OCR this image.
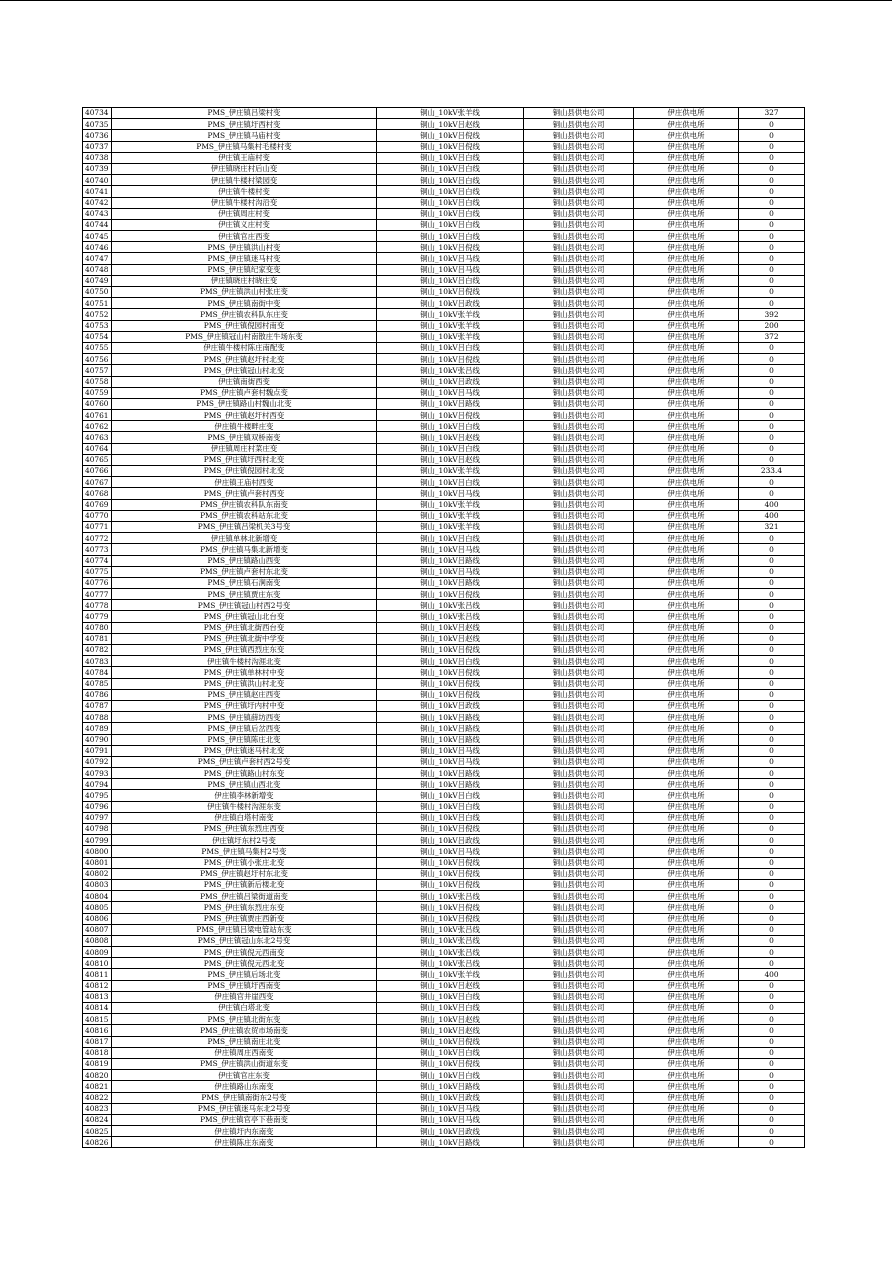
40734	PMS_伊庄镇吕梁村变	铜山_10kV张羊线	铜山县供电公司	伊庄供电所	327
40735	PMS_伊庄镇圩西村变	铜山_10kV吕赵线	铜山县供电公司	伊庄供电所	0
40736	PMS_伊庄镇马庙村变	铜山_10kV吕倪线	铜山县供电公司	伊庄供电所	0
40737	PMS_伊庄镇马集村毛楼村变	铜山_10kV吕倪线	铜山县供电公司	伊庄供电所	0
40738	伊庄镇王庙村变	铜山_10kV吕白线	铜山县供电公司	伊庄供电所	0
40739	伊庄镇晓庄村后山变	铜山_10kV吕白线	铜山县供电公司	伊庄供电所	0
40740	伊庄镇牛楼村梁园变	铜山_10kV吕白线	铜山县供电公司	伊庄供电所	0
40741	伊庄镇牛楼村变	铜山_10kV吕白线	铜山县供电公司	伊庄供电所	0
40742	伊庄镇牛楼村沟沿变	铜山_10kV吕白线	铜山县供电公司	伊庄供电所	0
40743	伊庄镇周庄村变	铜山_10kV吕白线	铜山县供电公司	伊庄供电所	0
40744	伊庄镇义庄村变	铜山_10kV吕白线	铜山县供电公司	伊庄供电所	0
40745	伊庄镇官庄西变	铜山_10kV吕白线	铜山县供电公司	伊庄供电所	0
40746	PMS_伊庄镇洪山村变	铜山_10kV吕倪线	铜山县供电公司	伊庄供电所	0
40747	PMS_伊庄镇迷马村变	铜山_10kV吕马线	铜山县供电公司	伊庄供电所	0
40748	PMS_伊庄镇纪家变变	铜山_10kV吕马线	铜山县供电公司	伊庄供电所	0
40749	伊庄镇晓庄村晓庄变	铜山_10kV吕白线	铜山县供电公司	伊庄供电所	0
40750	PMS_伊庄镇洪山村张庄变	铜山_10kV吕倪线	铜山县供电公司	伊庄供电所	0
40751	PMS_伊庄镇南街中变	铜山_10kV吕政线	铜山县供电公司	伊庄供电所	0
40752	PMS_伊庄镇农科队东庄变	铜山_10kV张羊线	铜山县供电公司	伊庄供电所	392
40753	PMS_伊庄镇倪园村南变	铜山_10kV张羊线	铜山县供电公司	伊庄供电所	200
40754	PMS_伊庄镇冠山村南散庄牛场东变	铜山_10kV张羊线	铜山县供电公司	伊庄供电所	372
40755	伊庄镇牛楼村陈庄南配变	铜山_10kV吕白线	铜山县供电公司	伊庄供电所	0
40756	PMS_伊庄镇赵圩村北变	铜山_10kV吕倪线	铜山县供电公司	伊庄供电所	0
40757	PMS_伊庄镇冠山村北变	铜山_10kV张吕线	铜山县供电公司	伊庄供电所	0
40758	伊庄镇南街西变	铜山_10kV吕政线	铜山县供电公司	伊庄供电所	0
40759	PMS_伊庄镇卢套村魏点变	铜山_10kV吕马线	铜山县供电公司	伊庄供电所	0
40760	PMS_伊庄镇路山村魏山北变	铜山_10kV吕路线	铜山县供电公司	伊庄供电所	0
40761	PMS_伊庄镇赵圩村西变	铜山_10kV吕倪线	铜山县供电公司	伊庄供电所	0
40762	伊庄镇牛楼畔庄变	铜山_10kV吕白线	铜山县供电公司	伊庄供电所	0
40763	PMS_伊庄镇双桥南变	铜山_10kV吕赵线	铜山县供电公司	伊庄供电所	0
40764	伊庄镇周庄村菜庄变	铜山_10kV吕白线	铜山县供电公司	伊庄供电所	0
40765	PMS_伊庄镇圩西村北变	铜山_10kV吕赵线	铜山县供电公司	伊庄供电所	0
40766	PMS_伊庄镇倪园村北变	铜山_10kV张羊线	铜山县供电公司	伊庄供电所	233.4
40767	伊庄镇王庙村西变	铜山_10kV吕白线	铜山县供电公司	伊庄供电所	0
40768	PMS_伊庄镇卢套村西变	铜山_10kV吕马线	铜山县供电公司	伊庄供电所	0
40769	PMS_伊庄镇农科队东南变	铜山_10kV张羊线	铜山县供电公司	伊庄供电所	400
40770	PMS_伊庄镇农科站东北变	铜山_10kV张羊线	铜山县供电公司	伊庄供电所	400
40771	PMS_伊庄镇吕梁机关3号变	铜山_10kV张羊线	铜山县供电公司	伊庄供电所	321
40772	伊庄镇单林北新增变	铜山_10kV吕白线	铜山县供电公司	伊庄供电所	0
40773	PMS_伊庄镇马集北新增变	铜山_10kV吕马线	铜山县供电公司	伊庄供电所	0
40774	PMS_伊庄镇路山西变	铜山_10kV吕路线	铜山县供电公司	伊庄供电所	0
40775	PMS_伊庄镇卢套村东北变	铜山_10kV吕马线	铜山县供电公司	伊庄供电所	0
40776	PMS_伊庄镇石涧南变	铜山_10kV吕路线	铜山县供电公司	伊庄供电所	0
40777	PMS_伊庄镇贾庄东变	铜山_10kV吕倪线	铜山县供电公司	伊庄供电所	0
40778	PMS_伊庄镇冠山村西2号变	铜山_10kV张吕线	铜山县供电公司	伊庄供电所	0
40779	PMS_伊庄镇冠山北台变	铜山_10kV张吕线	铜山县供电公司	伊庄供电所	0
40780	PMS_伊庄镇北街西台变	铜山_10kV吕赵线	铜山县供电公司	伊庄供电所	0
40781	PMS_伊庄镇北街中学变	铜山_10kV吕赵线	铜山县供电公司	伊庄供电所	0
40782	PMS_伊庄镇西烈庄东变	铜山_10kV吕倪线	铜山县供电公司	伊庄供电所	0
40783	伊庄镇牛楼村沟涯北变	铜山_10kV吕白线	铜山县供电公司	伊庄供电所	0
40784	PMS_伊庄镇单林村中变	铜山_10kV吕倪线	铜山县供电公司	伊庄供电所	0
40785	PMS_伊庄镇洪山村北变	铜山_10kV吕倪线	铜山县供电公司	伊庄供电所	0
40786	PMS_伊庄镇赵庄西变	铜山_10kV吕倪线	铜山县供电公司	伊庄供电所	0
40787	PMS_伊庄镇圩内村中变	铜山_10kV吕政线	铜山县供电公司	伊庄供电所	0
40788	PMS_伊庄镇薛坊西变	铜山_10kV吕路线	铜山县供电公司	伊庄供电所	0
40789	PMS_伊庄镇后岔西变	铜山_10kV吕路线	铜山县供电公司	伊庄供电所	0
40790	PMS_伊庄镇陈庄北变	铜山_10kV吕路线	铜山县供电公司	伊庄供电所	0
40791	PMS_伊庄镇迷马村北变	铜山_10kV吕马线	铜山县供电公司	伊庄供电所	0
40792	PMS_伊庄镇卢套村西2号变	铜山_10kV吕马线	铜山县供电公司	伊庄供电所	0
40793	PMS_伊庄镇路山村东变	铜山_10kV吕路线	铜山县供电公司	伊庄供电所	0
40794	PMS_伊庄镇山西北变	铜山_10kV吕路线	铜山县供电公司	伊庄供电所	0
40795	伊庄镇李林新增变	铜山_10kV吕白线	铜山县供电公司	伊庄供电所	0
40796	伊庄镇牛楼村沟涯东变	铜山_10kV吕白线	铜山县供电公司	伊庄供电所	0
40797	伊庄镇白塔村南变	铜山_10kV吕白线	铜山县供电公司	伊庄供电所	0
40798	PMS_伊庄镇东烈庄西变	铜山_10kV吕倪线	铜山县供电公司	伊庄供电所	0
40799	伊庄镇圩东村2号变	铜山_10kV吕政线	铜山县供电公司	伊庄供电所	0
40800	PMS_伊庄镇马集村2号变	铜山_10kV吕马线	铜山县供电公司	伊庄供电所	0
40801	PMS_伊庄镇小张庄北变	铜山_10kV吕倪线	铜山县供电公司	伊庄供电所	0
40802	PMS_伊庄镇赵圩村东北变	铜山_10kV吕倪线	铜山县供电公司	伊庄供电所	0
40803	PMS_伊庄镇新后楼北变	铜山_10kV吕倪线	铜山县供电公司	伊庄供电所	0
40804	PMS_伊庄镇吕梁街道南变	铜山_10kV张吕线	铜山县供电公司	伊庄供电所	0
40805	PMS_伊庄镇东烈庄东变	铜山_10kV吕倪线	铜山县供电公司	伊庄供电所	0
40806	PMS_伊庄镇贾庄西新变	铜山_10kV吕倪线	铜山县供电公司	伊庄供电所	0
40807	PMS_伊庄镇吕梁电管站东变	铜山_10kV张吕线	铜山县供电公司	伊庄供电所	0
40808	PMS_伊庄镇冠山东北2号变	铜山_10kV张吕线	铜山县供电公司	伊庄供电所	0
40809	PMS_伊庄镇倪元西南变	铜山_10kV张吕线	铜山县供电公司	伊庄供电所	0
40810	PMS_伊庄镇倪元西北变	铜山_10kV张吕线	铜山县供电公司	伊庄供电所	0
40811	PMS_伊庄镇后场北变	铜山_10kV张羊线	铜山县供电公司	伊庄供电所	400
40812	PMS_伊庄镇圩西南变	铜山_10kV吕赵线	铜山县供电公司	伊庄供电所	0
40813	伊庄镇官井崖西变	铜山_10kV吕白线	铜山县供电公司	伊庄供电所	0
40814	伊庄镇白塔北变	铜山_10kV吕白线	铜山县供电公司	伊庄供电所	0
40815	PMS_伊庄镇北街东变	铜山_10kV吕赵线	铜山县供电公司	伊庄供电所	0
40816	PMS_伊庄镇农贸市场南变	铜山_10kV吕赵线	铜山县供电公司	伊庄供电所	0
40817	PMS_伊庄镇南庄北变	铜山_10kV吕倪线	铜山县供电公司	伊庄供电所	0
40818	伊庄镇周庄西南变	铜山_10kV吕白线	铜山县供电公司	伊庄供电所	0
40819	PMS_伊庄镇洪山街道东变	铜山_10kV吕倪线	铜山县供电公司	伊庄供电所	0
40820	伊庄镇官庄东变	铜山_10kV吕白线	铜山县供电公司	伊庄供电所	0
40821	伊庄镇路山东南变	铜山_10kV吕路线	铜山县供电公司	伊庄供电所	0
40822	PMS_伊庄镇南街东2号变	铜山_10kV吕政线	铜山县供电公司	伊庄供电所	0
40823	PMS_伊庄镇迷马东北2号变	铜山_10kV吕马线	铜山县供电公司	伊庄供电所	0
40824	PMS_伊庄镇官亭下巷南变	铜山_10kV吕马线	铜山县供电公司	伊庄供电所	0
40825	伊庄镇圩内东南变	铜山_10kV吕政线	铜山县供电公司	伊庄供电所	0
40826	伊庄镇陈庄东南变	铜山_10kV吕路线	铜山县供电公司	伊庄供电所	0
